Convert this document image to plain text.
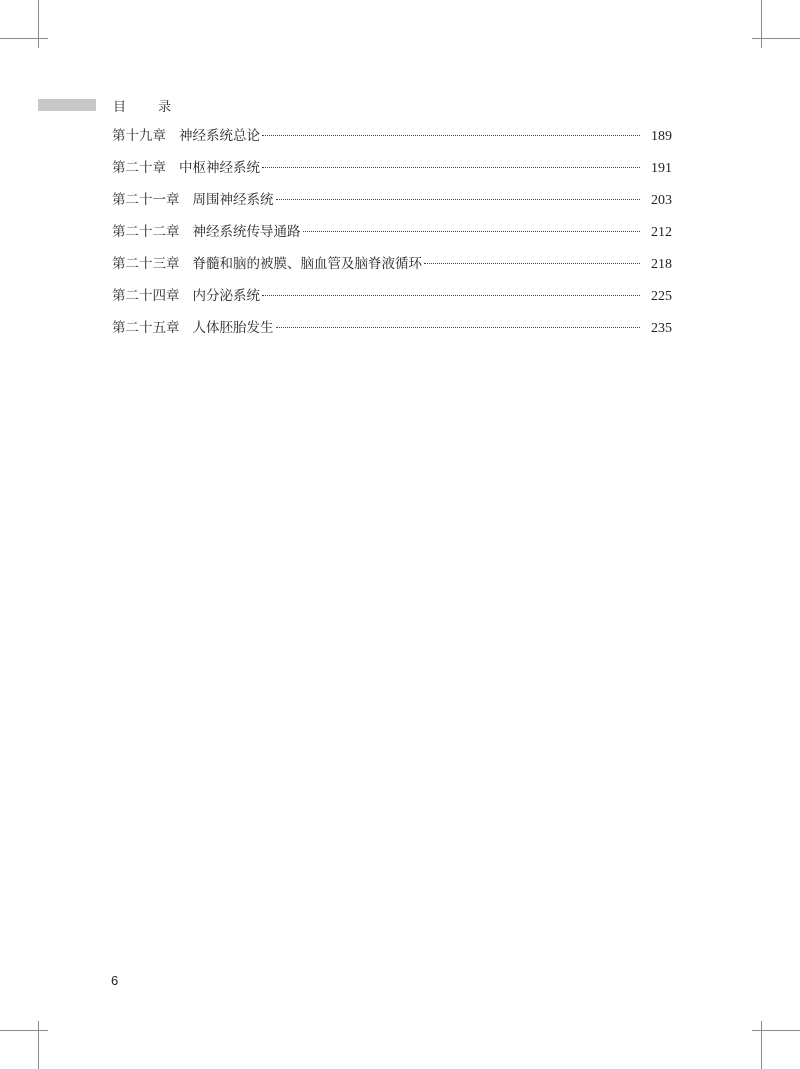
目 录
第十九章 神经系统总论	189
第二十章 中枢神经系统	191
第二十一章 周围神经系统	203
第二十二章 神经系统传导通路	212
第二十三章 脊髓和脑的被膜、脑血管及脑脊液循环	218
第二十四章 内分泌系统	225
第二十五章 人体胚胎发生	235
6
